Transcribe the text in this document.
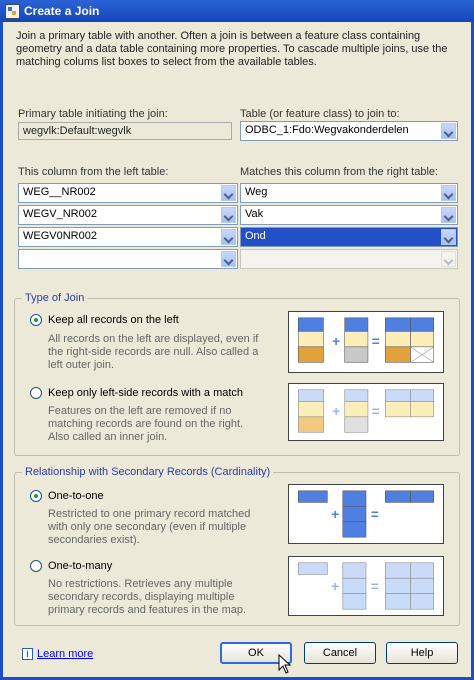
Create a Join
Join a primary table with another. Often a join is between a feature class containing geometry and a data table containing more properties. To cascade multiple joins, use the matching colums list boxes to select from the available tables.
Primary table initiating the join:
wegvlk:Default:wegvlk
Table (or feature class) to join to:
ODBC_1:Fdo:Wegvakonderdelen
This column from the left table:	Matches this column from the right table:
WEG__NR002	Weg
WEGV_NR002	Vak
WEGV0NR002	Ond
Type of Join
Keep all records on the left
All records on the left are displayed, even if the right-side records are null. Also called a left outer join.
Keep only left-side records with a match
Features on the left are removed if no matching records are found on the right. Also called an inner join.
+ =
+ =
Relationship with Secondary Records (Cardinality)
One-to-one
Restricted to one primary record matched with only one secondary (even if multiple secondaries exist).
One-to-many
No restrictions. Retrieves any multiple secondary records, displaying multiple primary records and features in the map.
+ =
+ =
i Learn more	OK	Cancel	Help
